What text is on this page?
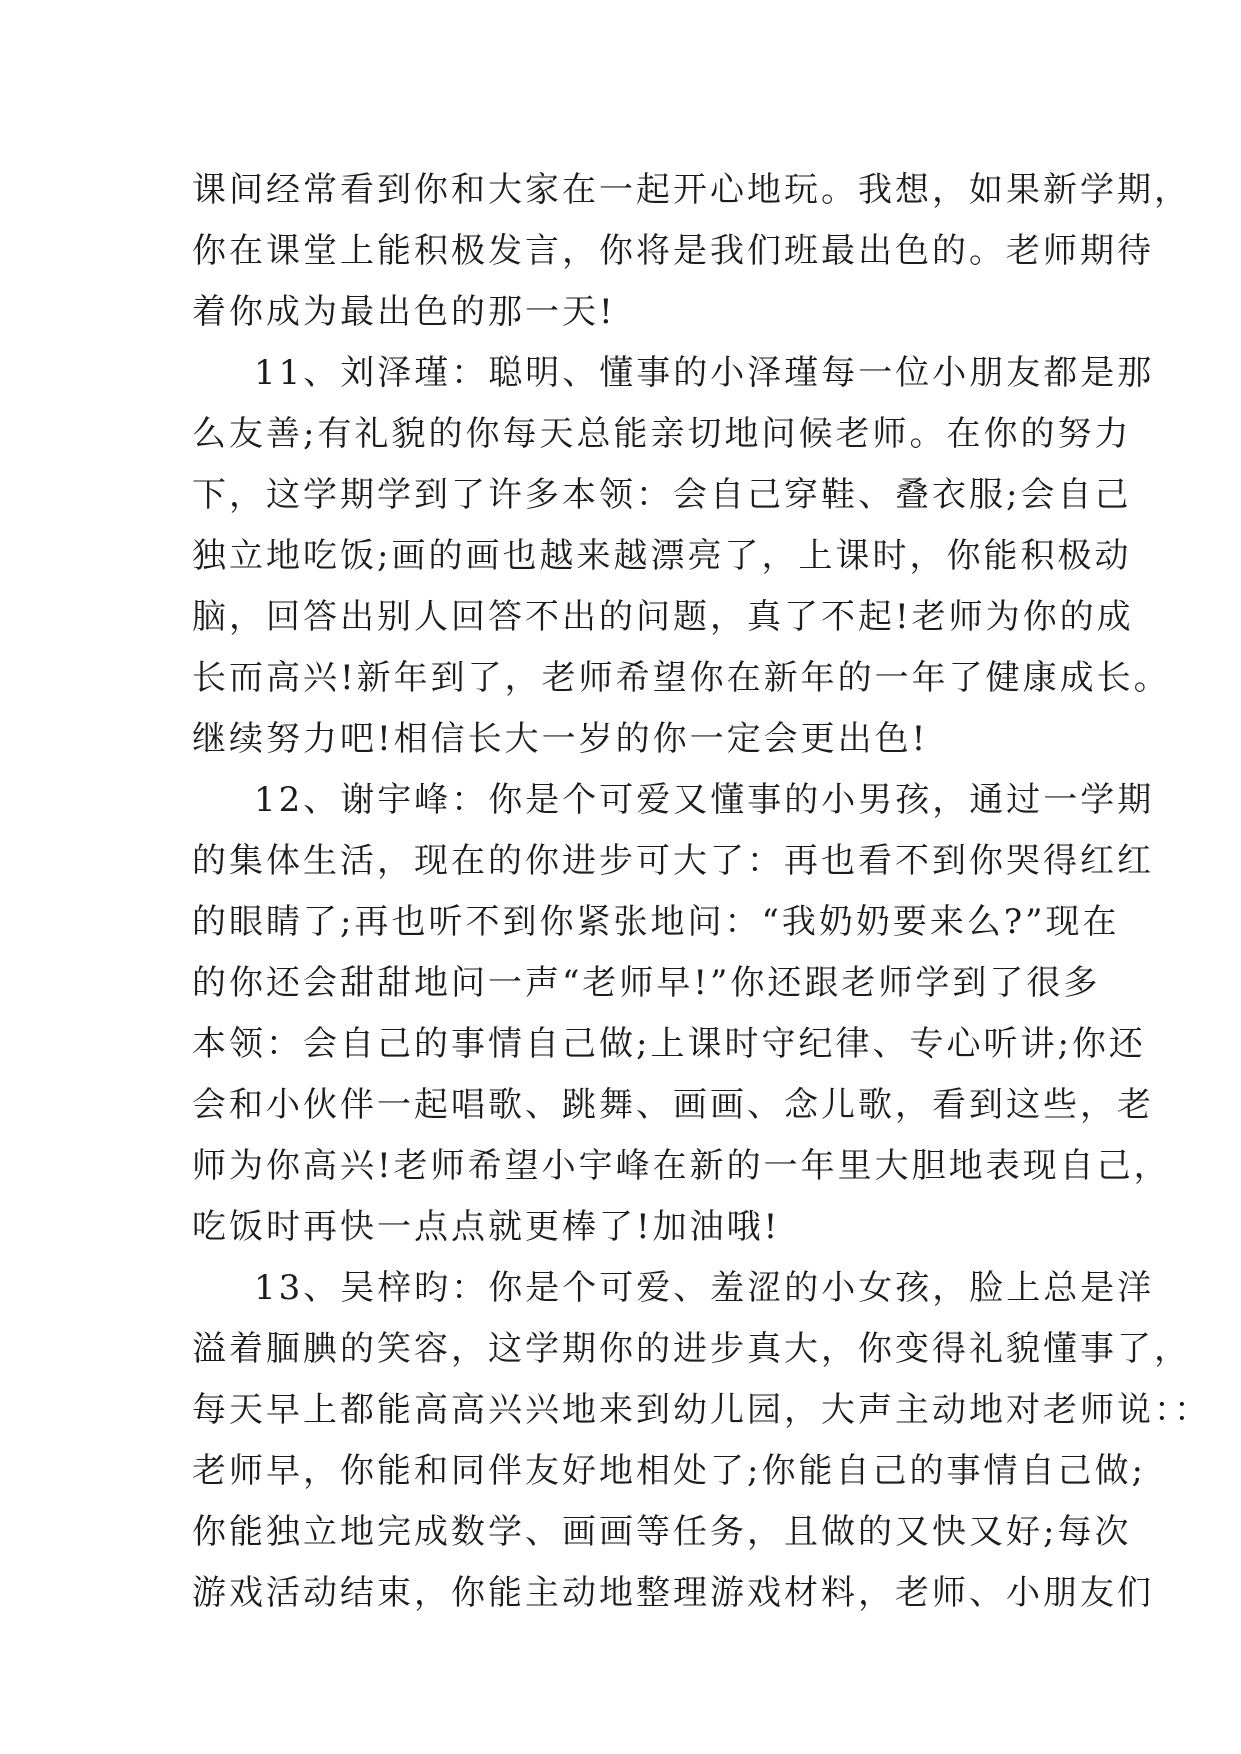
课间经常看到你和大家在一起开心地玩。我想，如果新学期，
你在课堂上能积极发言，你将是我们班最出色的。老师期待
着你成为最出色的那一天!
11、刘泽瑾：聪明、懂事的小泽瑾每一位小朋友都是那
么友善;有礼貌的你每天总能亲切地问候老师。在你的努力
下，这学期学到了许多本领：会自己穿鞋、叠衣服;会自己
独立地吃饭;画的画也越来越漂亮了，上课时，你能积极动
脑，回答出别人回答不出的问题，真了不起!老师为你的成
长而高兴!新年到了，老师希望你在新年的一年了健康成长。
继续努力吧!相信长大一岁的你一定会更出色!
12、谢宇峰：你是个可爱又懂事的小男孩，通过一学期
的集体生活，现在的你进步可大了：再也看不到你哭得红红
的眼睛了;再也听不到你紧张地问：“我奶奶要来么?”现在
的你还会甜甜地问一声“老师早!”你还跟老师学到了很多
本领：会自己的事情自己做;上课时守纪律、专心听讲;你还
会和小伙伴一起唱歌、跳舞、画画、念儿歌，看到这些，老
师为你高兴!老师希望小宇峰在新的一年里大胆地表现自己，
吃饭时再快一点点就更棒了!加油哦!
13、吴梓昀：你是个可爱、羞涩的小女孩，脸上总是洋
溢着腼腆的笑容，这学期你的进步真大，你变得礼貌懂事了，
每天早上都能高高兴兴地来到幼儿园，大声主动地对老师说：：
老师早，你能和同伴友好地相处了;你能自己的事情自己做;
你能独立地完成数学、画画等任务，且做的又快又好;每次
游戏活动结束，你能主动地整理游戏材料，老师、小朋友们
